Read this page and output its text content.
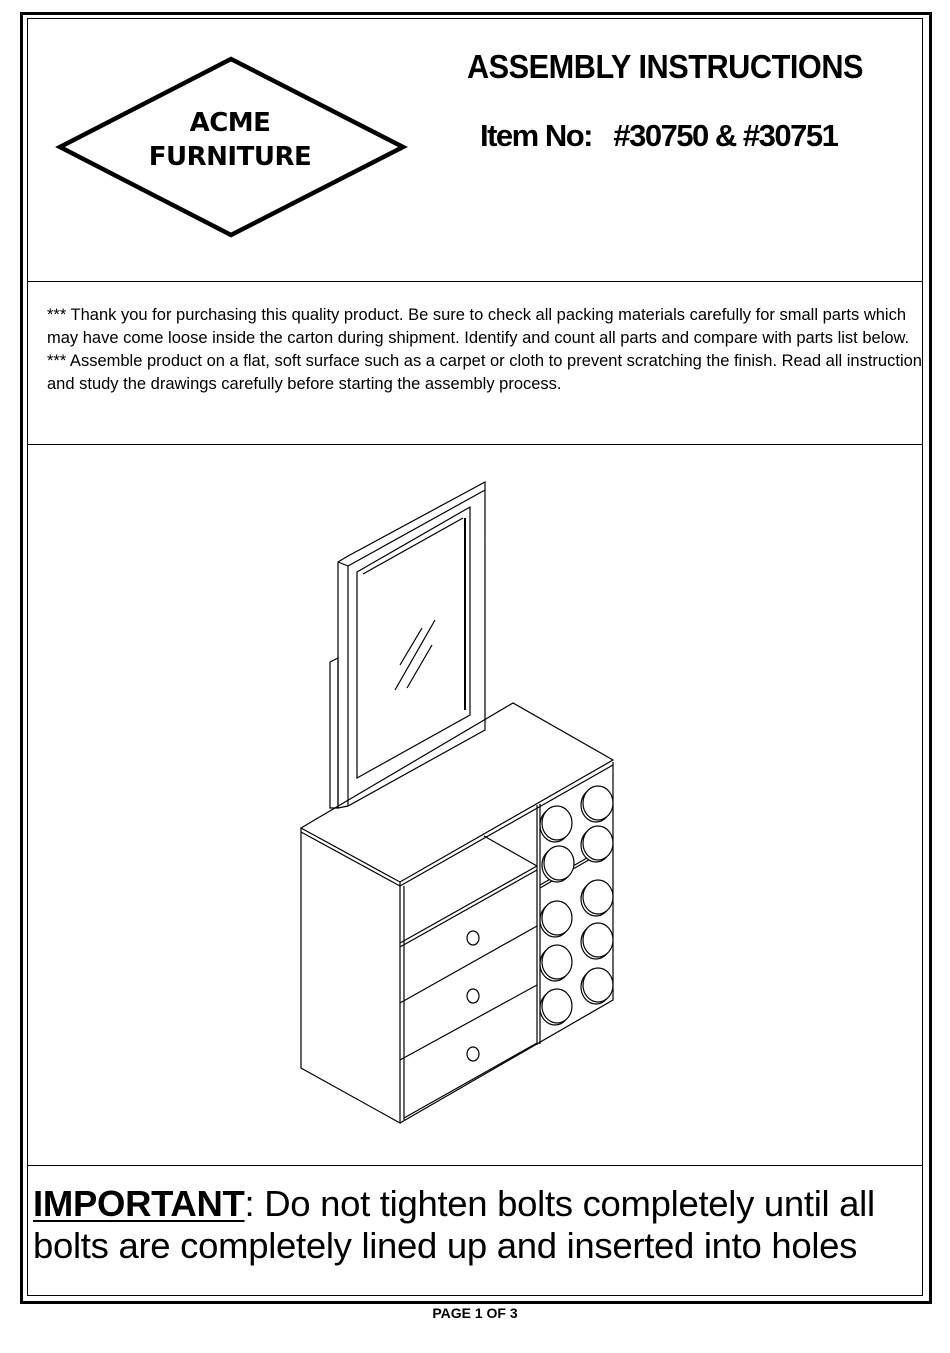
ACME
FURNITURE
ASSEMBLY INSTRUCTIONS
Item No: #30750 & #30751

*** Thank you for purchasing this quality product. Be sure to check all packing materials carefully for small parts which may have come loose inside the carton during shipment. Identify and count all parts and compare with parts list below.

*** Assemble product on a flat, soft surface such as a carpet or cloth to prevent scratching the finish. Read all instruction and study the drawings carefully before starting the assembly process.

IMPORTANT: Do not tighten bolts completely until all bolts are completely lined up and inserted into holes
PAGE 1 OF 3
